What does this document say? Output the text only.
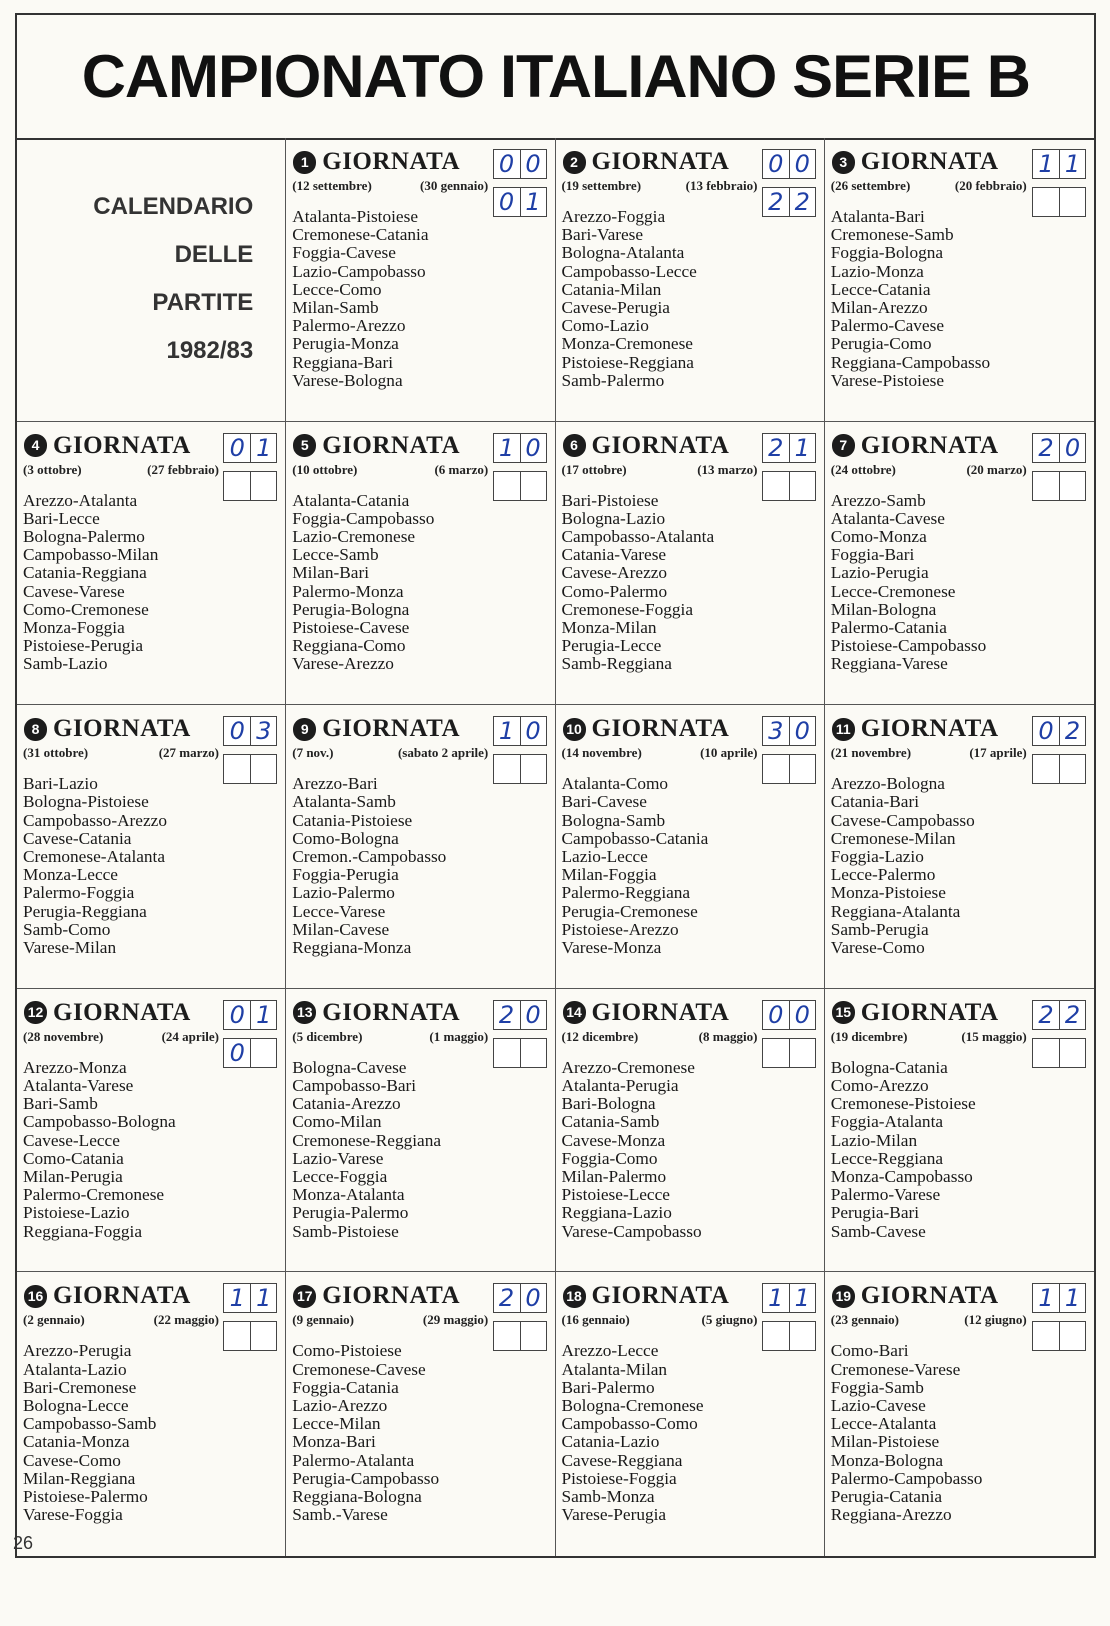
CAMPIONATO ITALIANO SERIE B
CALENDARIO
DELLE
PARTITE
1982/83
1 GIORNATA
(12 settembre)	(30 gennaio)
0 0
0 1
Atalanta-Pistoiese
Cremonese-Catania
Foggia-Cavese
Lazio-Campobasso
Lecce-Como
Milan-Samb
Palermo-Arezzo
Perugia-Monza
Reggiana-Bari
Varese-Bologna
2 GIORNATA
(19 settembre)	(13 febbraio)
0 0
2 2
Arezzo-Foggia
Bari-Varese
Bologna-Atalanta
Campobasso-Lecce
Catania-Milan
Cavese-Perugia
Como-Lazio
Monza-Cremonese
Pistoiese-Reggiana
Samb-Palermo
3 GIORNATA
(26 settembre)	(20 febbraio)
1 1
Atalanta-Bari
Cremonese-Samb
Foggia-Bologna
Lazio-Monza
Lecce-Catania
Milan-Arezzo
Palermo-Cavese
Perugia-Como
Reggiana-Campobasso
Varese-Pistoiese
4 GIORNATA
(3 ottobre)	(27 febbraio)
0 1
Arezzo-Atalanta
Bari-Lecce
Bologna-Palermo
Campobasso-Milan
Catania-Reggiana
Cavese-Varese
Como-Cremonese
Monza-Foggia
Pistoiese-Perugia
Samb-Lazio
5 GIORNATA
(10 ottobre)	(6 marzo)
1 0
Atalanta-Catania
Foggia-Campobasso
Lazio-Cremonese
Lecce-Samb
Milan-Bari
Palermo-Monza
Perugia-Bologna
Pistoiese-Cavese
Reggiana-Como
Varese-Arezzo
6 GIORNATA
(17 ottobre)	(13 marzo)
2 1
Bari-Pistoiese
Bologna-Lazio
Campobasso-Atalanta
Catania-Varese
Cavese-Arezzo
Como-Palermo
Cremonese-Foggia
Monza-Milan
Perugia-Lecce
Samb-Reggiana
7 GIORNATA
(24 ottobre)	(20 marzo)
2 0
Arezzo-Samb
Atalanta-Cavese
Como-Monza
Foggia-Bari
Lazio-Perugia
Lecce-Cremonese
Milan-Bologna
Palermo-Catania
Pistoiese-Campobasso
Reggiana-Varese
8 GIORNATA
(31 ottobre)	(27 marzo)
0 3
Bari-Lazio
Bologna-Pistoiese
Campobasso-Arezzo
Cavese-Catania
Cremonese-Atalanta
Monza-Lecce
Palermo-Foggia
Perugia-Reggiana
Samb-Como
Varese-Milan
9 GIORNATA
(7 nov.)	(sabato 2 aprile)
1 0
Arezzo-Bari
Atalanta-Samb
Catania-Pistoiese
Como-Bologna
Cremon.-Campobasso
Foggia-Perugia
Lazio-Palermo
Lecce-Varese
Milan-Cavese
Reggiana-Monza
10 GIORNATA
(14 novembre)	(10 aprile)
3 0
Atalanta-Como
Bari-Cavese
Bologna-Samb
Campobasso-Catania
Lazio-Lecce
Milan-Foggia
Palermo-Reggiana
Perugia-Cremonese
Pistoiese-Arezzo
Varese-Monza
11 GIORNATA
(21 novembre)	(17 aprile)
0 2
Arezzo-Bologna
Catania-Bari
Cavese-Campobasso
Cremonese-Milan
Foggia-Lazio
Lecce-Palermo
Monza-Pistoiese
Reggiana-Atalanta
Samb-Perugia
Varese-Como
12 GIORNATA
(28 novembre)	(24 aprile)
0 1
0
Arezzo-Monza
Atalanta-Varese
Bari-Samb
Campobasso-Bologna
Cavese-Lecce
Como-Catania
Milan-Perugia
Palermo-Cremonese
Pistoiese-Lazio
Reggiana-Foggia
13 GIORNATA
(5 dicembre)	(1 maggio)
2 0
Bologna-Cavese
Campobasso-Bari
Catania-Arezzo
Como-Milan
Cremonese-Reggiana
Lazio-Varese
Lecce-Foggia
Monza-Atalanta
Perugia-Palermo
Samb-Pistoiese
14 GIORNATA
(12 dicembre)	(8 maggio)
0 0
Arezzo-Cremonese
Atalanta-Perugia
Bari-Bologna
Catania-Samb
Cavese-Monza
Foggia-Como
Milan-Palermo
Pistoiese-Lecce
Reggiana-Lazio
Varese-Campobasso
15 GIORNATA
(19 dicembre)	(15 maggio)
2 2
Bologna-Catania
Como-Arezzo
Cremonese-Pistoiese
Foggia-Atalanta
Lazio-Milan
Lecce-Reggiana
Monza-Campobasso
Palermo-Varese
Perugia-Bari
Samb-Cavese
16 GIORNATA
(2 gennaio)	(22 maggio)
1 1
Arezzo-Perugia
Atalanta-Lazio
Bari-Cremonese
Bologna-Lecce
Campobasso-Samb
Catania-Monza
Cavese-Como
Milan-Reggiana
Pistoiese-Palermo
Varese-Foggia
17 GIORNATA
(9 gennaio)	(29 maggio)
2 0
Como-Pistoiese
Cremonese-Cavese
Foggia-Catania
Lazio-Arezzo
Lecce-Milan
Monza-Bari
Palermo-Atalanta
Perugia-Campobasso
Reggiana-Bologna
Samb.-Varese
18 GIORNATA
(16 gennaio)	(5 giugno)
1 1
Arezzo-Lecce
Atalanta-Milan
Bari-Palermo
Bologna-Cremonese
Campobasso-Como
Catania-Lazio
Cavese-Reggiana
Pistoiese-Foggia
Samb-Monza
Varese-Perugia
19 GIORNATA
(23 gennaio)	(12 giugno)
1 1
Como-Bari
Cremonese-Varese
Foggia-Samb
Lazio-Cavese
Lecce-Atalanta
Milan-Pistoiese
Monza-Bologna
Palermo-Campobasso
Perugia-Catania
Reggiana-Arezzo
26
